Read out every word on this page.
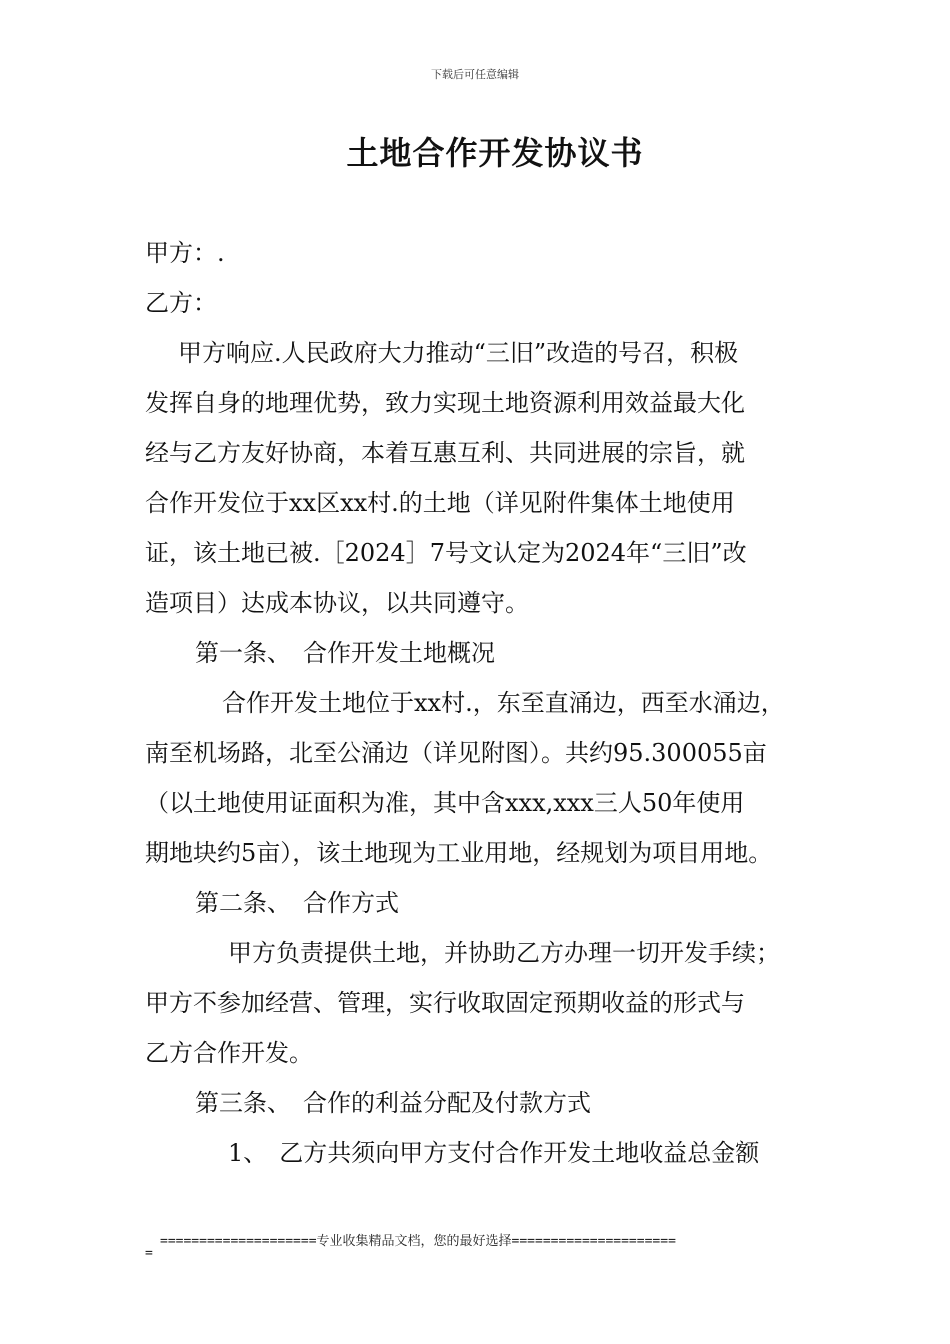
下载后可任意编辑
土地合作开发协议书
甲方：.
乙方：
甲方响应.人民政府大力推动“三旧”改造的号召，积极
发挥自身的地理优势，致力实现土地资源利用效益最大化
经与乙方友好协商，本着互惠互利、共同进展的宗旨，就
合作开发位于xx区xx村.的土地（详见附件集体土地使用
证，该土地已被.［2024］7号文认定为2024年“三旧”改
造项目）达成本协议，以共同遵守。
第一条、　合作开发土地概况
合作开发土地位于xx村.，东至直涌边，西至水涌边，
南至机场路，北至公涌边（详见附图）。共约95.300055亩
（以土地使用证面积为准，其中含xxx,xxx三人50年使用
期地块约5亩），该土地现为工业用地，经规划为项目用地。
第二条、　合作方式
甲方负责提供土地，并协助乙方办理一切开发手续；
甲方不参加经营、管理，实行收取固定预期收益的形式与
乙方合作开发。
第三条、　合作的利益分配及付款方式
1、　乙方共须向甲方支付合作开发土地收益总金额
====================专业收集精品文档，您的最好选择=====================
=
